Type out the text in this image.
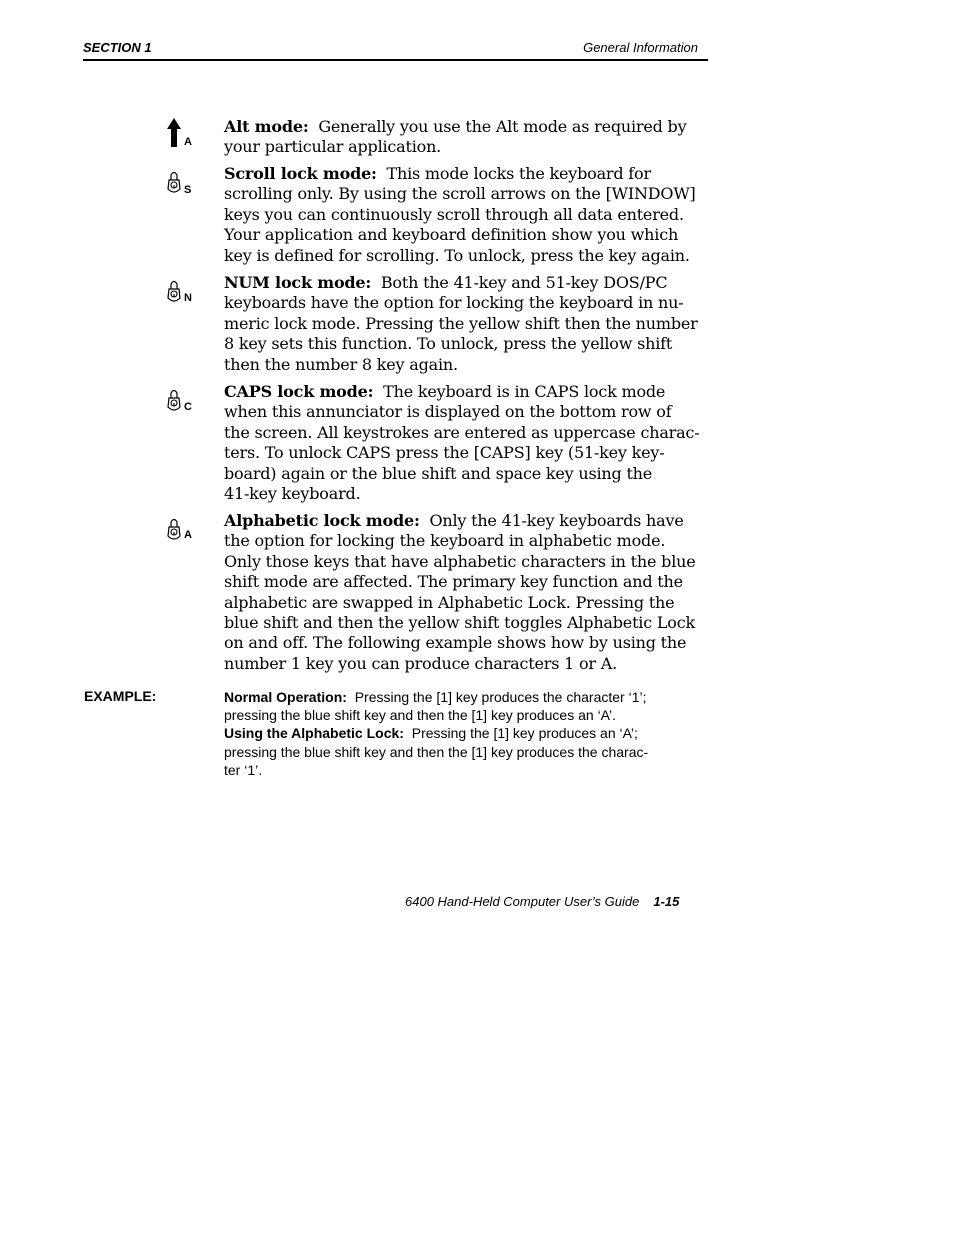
SECTION 1	General Information
A
Alt mode: Generally you use the Alt mode as required by
your particular application.
S
Scroll lock mode: This mode locks the keyboard for
scrolling only. By using the scroll arrows on the [WINDOW]
keys you can continuously scroll through all data entered.
Your application and keyboard definition show you which
key is defined for scrolling. To unlock, press the key again.
N
NUM lock mode: Both the 41-key and 51-key DOS/PC
keyboards have the option for locking the keyboard in nu-
meric lock mode. Pressing the yellow shift then the number
8 key sets this function. To unlock, press the yellow shift
then the number 8 key again.
C
CAPS lock mode: The keyboard is in CAPS lock mode
when this annunciator is displayed on the bottom row of
the screen. All keystrokes are entered as uppercase charac-
ters. To unlock CAPS press the [CAPS] key (51-key key-
board) again or the blue shift and space key using the
41-key keyboard.
A
Alphabetic lock mode: Only the 41-key keyboards have
the option for locking the keyboard in alphabetic mode.
Only those keys that have alphabetic characters in the blue
shift mode are affected. The primary key function and the
alphabetic are swapped in Alphabetic Lock. Pressing the
blue shift and then the yellow shift toggles Alphabetic Lock
on and off. The following example shows how by using the
number 1 key you can produce characters 1 or A.
EXAMPLE:	Normal Operation: Pressing the [1] key produces the character ‘1’;
pressing the blue shift key and then the [1] key produces an ‘A’.
Using the Alphabetic Lock: Pressing the [1] key produces an ‘A’;
pressing the blue shift key and then the [1] key produces the charac-
ter ‘1’.
6400 Hand-Held Computer User’s Guide 1-15
